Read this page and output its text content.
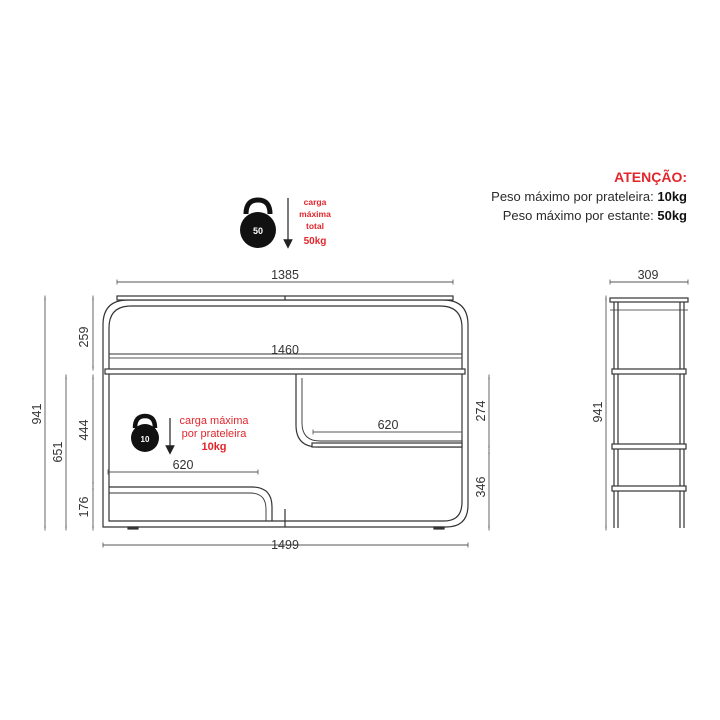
1385
1460
620
620
1499
941
651
259
444
176
274
346
309
941
50
carga
máxima
total
50kg
10
carga máxima
por prateleira
10kg
ATENÇÃO:
Peso máximo por prateleira: 10kg
Peso máximo por estante: 50kg
